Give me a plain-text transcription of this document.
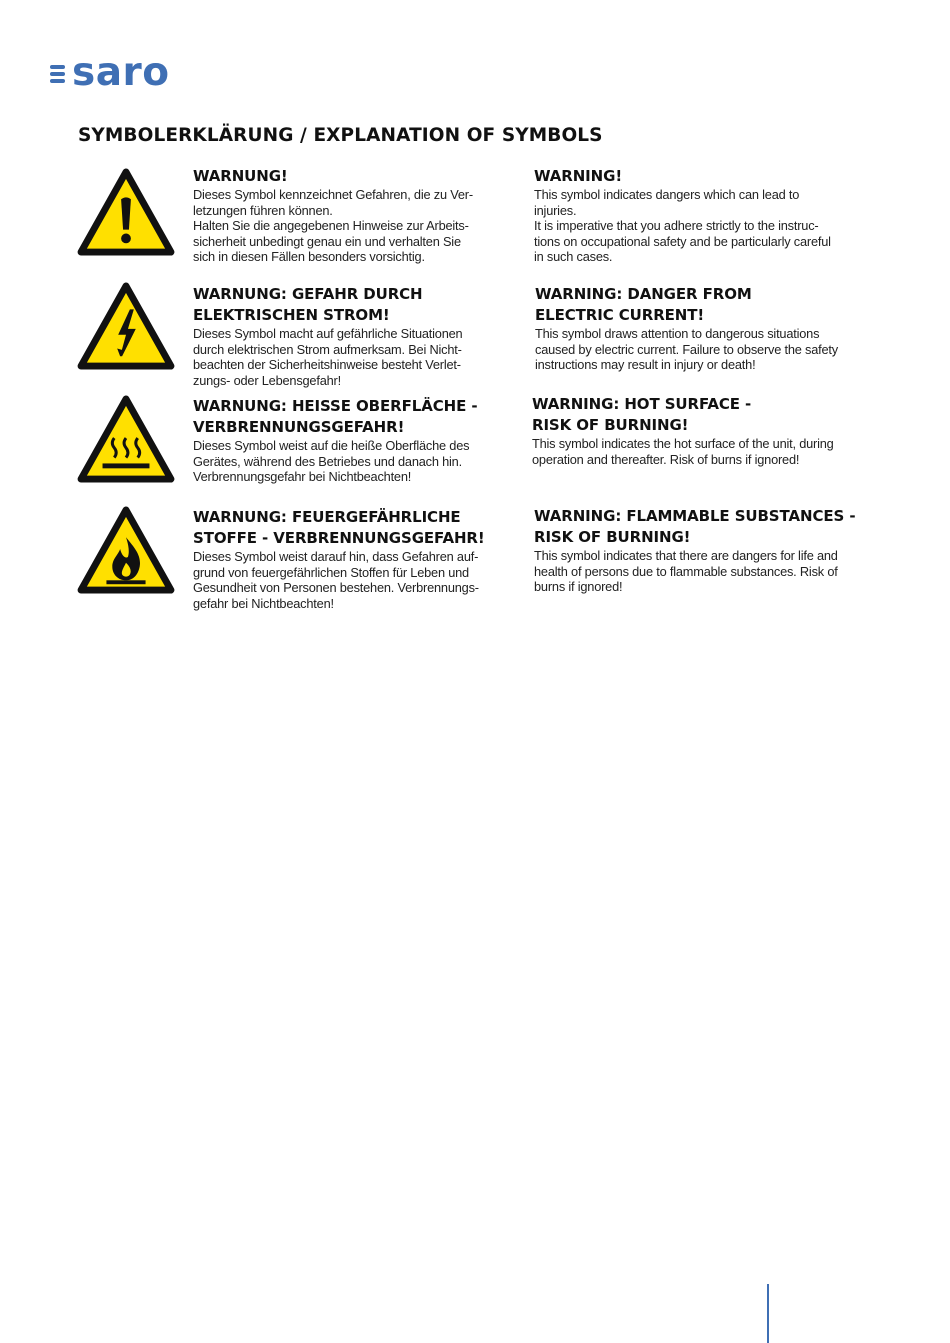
saro
SYMBOLERKLÄRUNG / EXPLANATION OF SYMBOLS
WARNUNG!
Dieses Symbol kennzeichnet Gefahren, die zu Ver-
letzungen führen können.
Halten Sie die angegebenen Hinweise zur Arbeits-
sicherheit unbedingt genau ein und verhalten Sie
sich in diesen Fällen besonders vorsichtig.
WARNING!
This symbol indicates dangers which can lead to
injuries.
It is imperative that you adhere strictly to the instruc-
tions on occupational safety and be particularly careful
in such cases.
WARNUNG: GEFAHR DURCH
ELEKTRISCHEN STROM!
Dieses Symbol macht auf gefährliche Situationen
durch elektrischen Strom aufmerksam. Bei Nicht-
beachten der Sicherheitshinweise besteht Verlet-
zungs- oder Lebensgefahr!
WARNING: DANGER FROM
ELECTRIC CURRENT!
This symbol draws attention to dangerous situations
caused by electric current. Failure to observe the safety
instructions may result in injury or death!
WARNUNG: HEISSE OBERFLÄCHE -
VERBRENNUNGSGEFAHR!
Dieses Symbol weist auf die heiße Oberfläche des
Gerätes, während des Betriebes und danach hin.
Verbrennungsgefahr bei Nichtbeachten!
WARNING: HOT SURFACE -
RISK OF BURNING!
This symbol indicates the hot surface of the unit, during
operation and thereafter. Risk of burns if ignored!
WARNUNG: FEUERGEFÄHRLICHE
STOFFE - VERBRENNUNGSGEFAHR!
Dieses Symbol weist darauf hin, dass Gefahren auf-
grund von feuergefährlichen Stoffen für Leben und
Gesundheit von Personen bestehen. Verbrennungs-
gefahr bei Nichtbeachten!
WARNING: FLAMMABLE SUBSTANCES -
RISK OF BURNING!
This symbol indicates that there are dangers for life and
health of persons due to flammable substances. Risk of
burns if ignored!
